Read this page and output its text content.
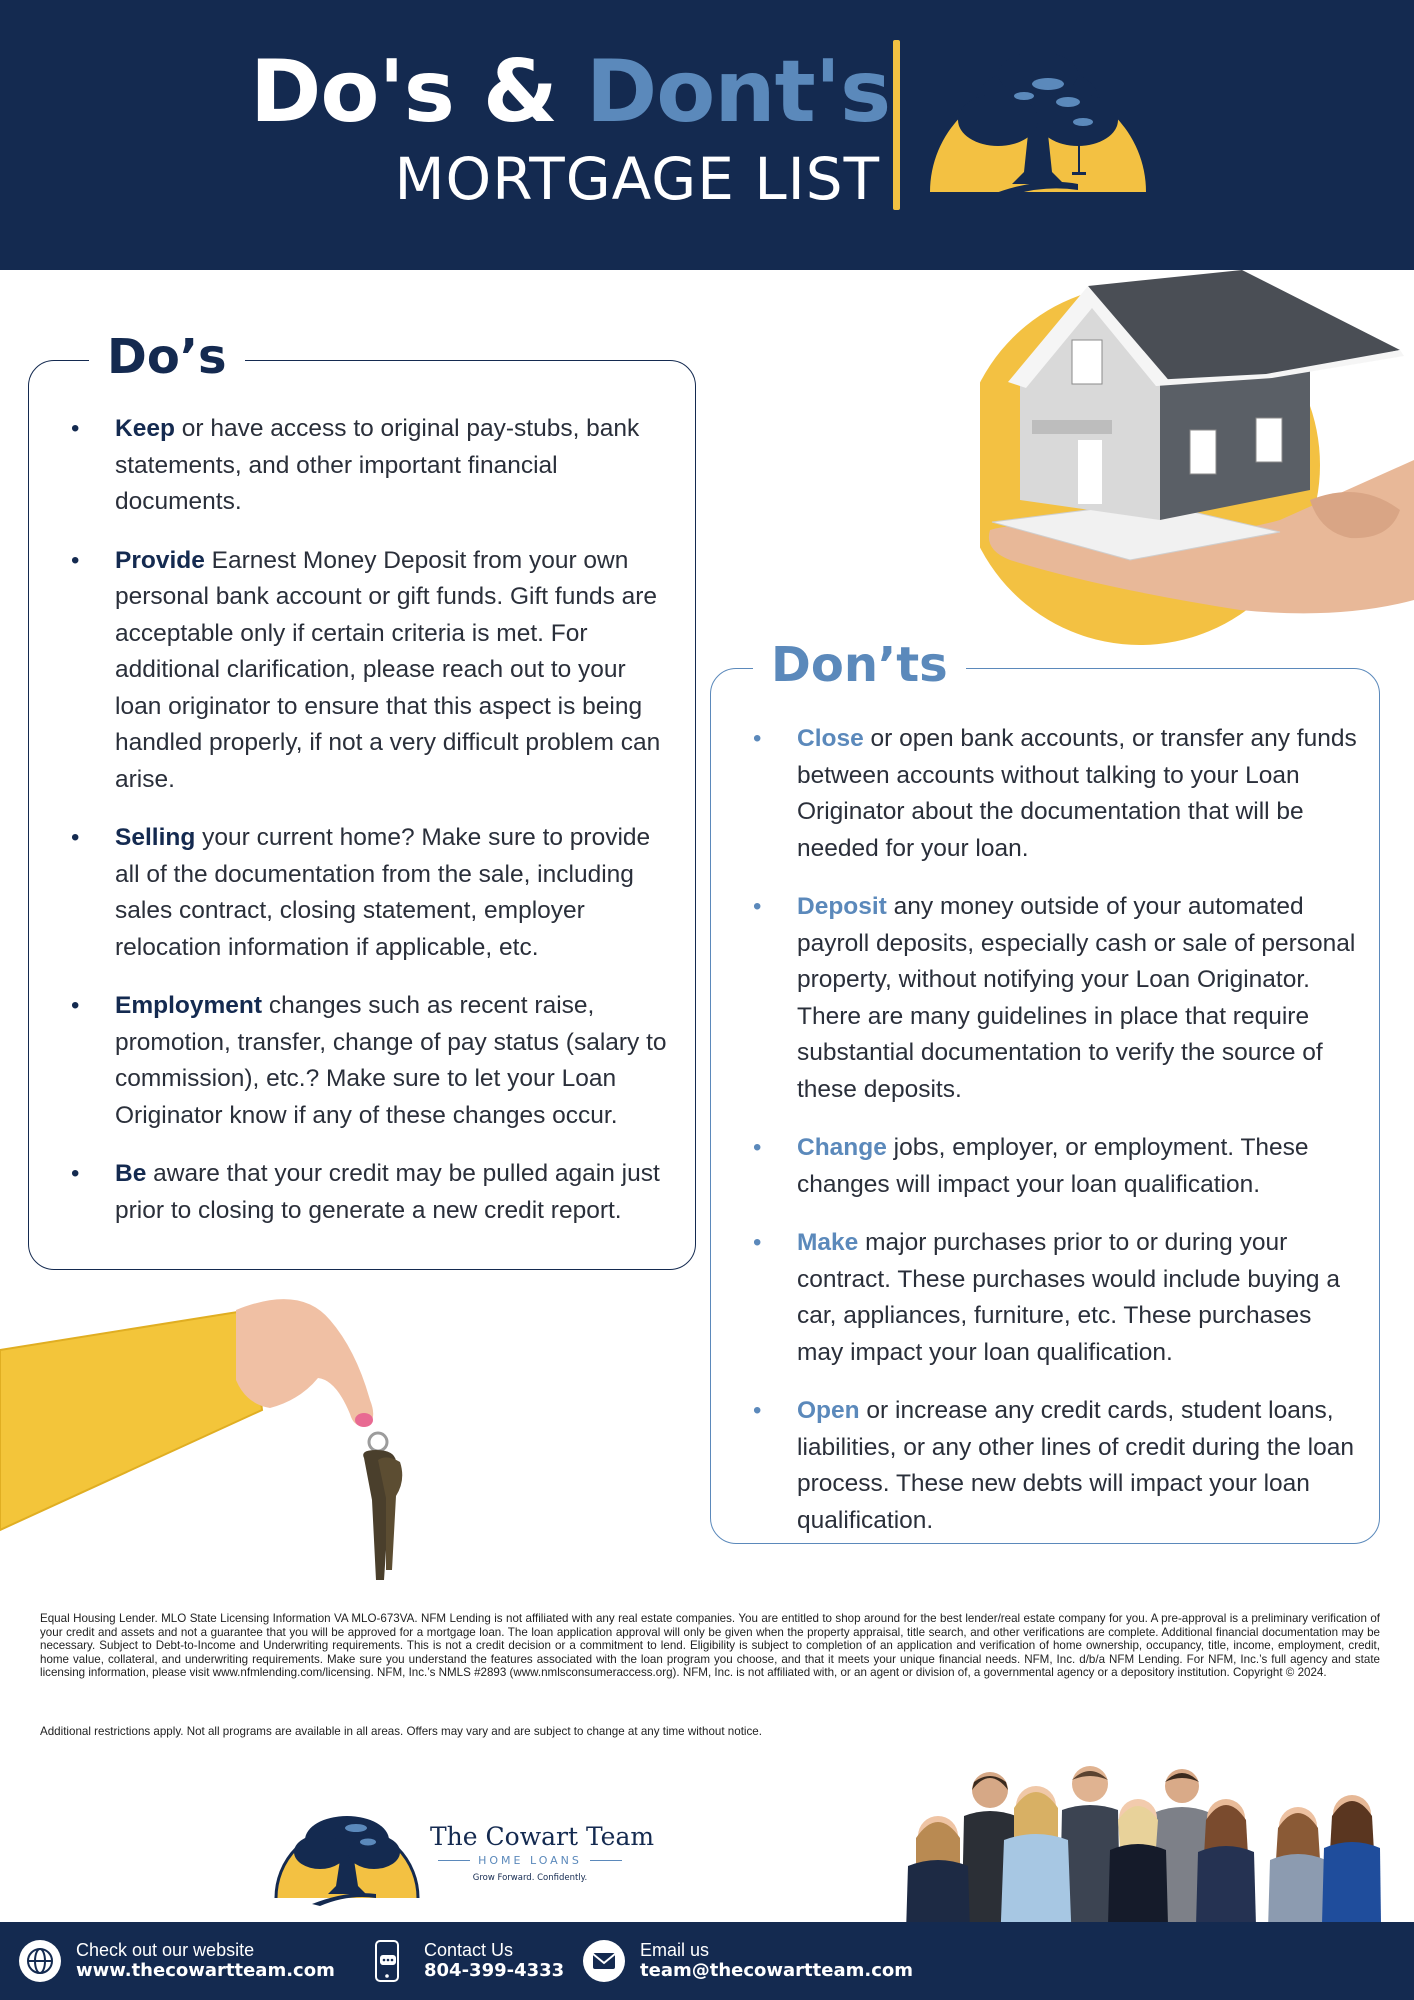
Do's & Dont's
MORTGAGE LIST
Do’s
• Keep or have access to original pay-stubs, bank statements, and other important financial documents.
• Provide Earnest Money Deposit from your own personal bank account or gift funds. Gift funds are acceptable only if certain criteria is met. For additional clarification, please reach out to your loan originator to ensure that this aspect is being handled properly, if not a very difficult problem can arise.
• Selling your current home? Make sure to provide all of the documentation from the sale, including sales contract, closing statement, employer relocation information if applicable, etc.
• Employment changes such as recent raise, promotion, transfer, change of pay status (salary to commission), etc.? Make sure to let your Loan Originator know if any of these changes occur.
• Be aware that your credit may be pulled again just prior to closing to generate a new credit report.
Don’ts
• Close or open bank accounts, or transfer any funds between accounts without talking to your Loan Originator about the documentation that will be needed for your loan.
• Deposit any money outside of your automated payroll deposits, especially cash or sale of personal property, without notifying your Loan Originator. There are many guidelines in place that require substantial documentation to verify the source of these deposits.
• Change jobs, employer, or employment. These changes will impact your loan qualification.
• Make major purchases prior to or during your contract. These purchases would include buying a car, appliances, furniture, etc. These purchases may impact your loan qualification.
• Open or increase any credit cards, student loans, liabilities, or any other lines of credit during the loan process. These new debts will impact your loan qualification.

Equal Housing Lender. MLO State Licensing Information VA MLO-673VA. NFM Lending is not affiliated with any real estate companies. You are entitled to shop around for the best lender/real estate company for you. A pre-approval is a preliminary verification of your credit and assets and not a guarantee that you will be approved for a mortgage loan. The loan application approval will only be given when the property appraisal, title search, and other verifications are complete. Additional financial documentation may be necessary. Subject to Debt-to-Income and Underwriting requirements. This is not a credit decision or a commitment to lend. Eligibility is subject to completion of an application and verification of home ownership, occupancy, title, income, employment, credit, home value, collateral, and underwriting requirements. Make sure you understand the features associated with the loan program you choose, and that it meets your unique financial needs. NFM, Inc. d/b/a NFM Lending. For NFM, Inc.’s full agency and state licensing information, please visit www.nfmlending.com/licensing. NFM, Inc.’s NMLS #2893 (www.nmlsconsumeraccess.org). NFM, Inc. is not affiliated with, or an agent or division of, a governmental agency or a depository institution. Copyright © 2024.

Additional restrictions apply. Not all programs are available in all areas. Offers may vary and are subject to change at any time without notice.

The Cowart Team
HOME LOANS
Grow Forward. Confidently.
Check out our website
www.thecowartteam.com
Contact Us
804-399-4333
Email us
team@thecowartteam.com
